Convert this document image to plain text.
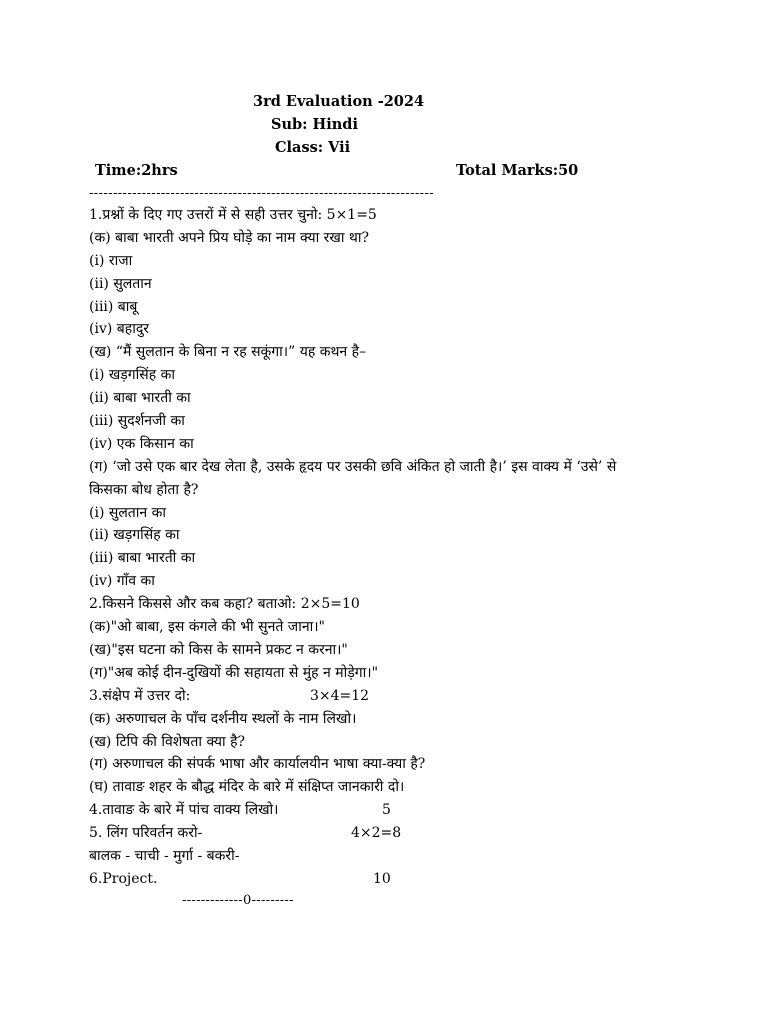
3rd Evaluation -2024
Sub: Hindi
Class: Vii
Time:2hrs	Total Marks:50
------------------------------------------------------------------------
1.प्रश्नों के दिए गए उत्तरों में से सही उत्तर चुनो: 5×1=5
(क) बाबा भारती अपने प्रिय घोड़े का नाम क्या रखा था?
(i) राजा
(ii) सुलतान
(iii) बाबू
(iv) बहादुर
(ख) “मैं सुलतान के बिना न रह सकूंगा।” यह कथन है–
(i) खड़गसिंह का
(ii) बाबा भारती का
(iii) सुदर्शनजी का
(iv) एक किसान का
(ग) ‘जो उसे एक बार देख लेता है, उसके हृदय पर उसकी छवि अंकित हो जाती है।’ इस वाक्य में ‘उसे’ से
किसका बोध होता है?
(i) सुलतान का
(ii) खड़गसिंह का
(iii) बाबा भारती का
(iv) गाँव का
2.किसने किससे और कब कहा? बताओ: 2×5=10
(क)"ओ बाबा, इस कंगले की भी सुनते जाना।"
(ख)"इस घटना को किस के सामने प्रकट न करना।"
(ग)"अब कोई दीन-दुखियों की सहायता से मुंह न मोड़ेगा।"
3.संक्षेप में उत्तर दो:
(क) अरुणाचल के पाँच दर्शनीय स्थलों के नाम लिखो।
(ख) टिपि की विशेषता क्या है?
(ग) अरुणाचल की संपर्क भाषा और कार्यालयीन भाषा क्या-क्या है?
(घ) तावाङ शहर के बौद्ध मंदिर के बारे में संक्षिप्त जानकारी दो।
4.तावाङ के बारे में पांच वाक्य लिखो।
5. लिंग परिवर्तन करो-
बालक - चाची - मुर्गा - बकरी-
6.Project.
3×4=12
5
4×2=8
10
-------------0---------
